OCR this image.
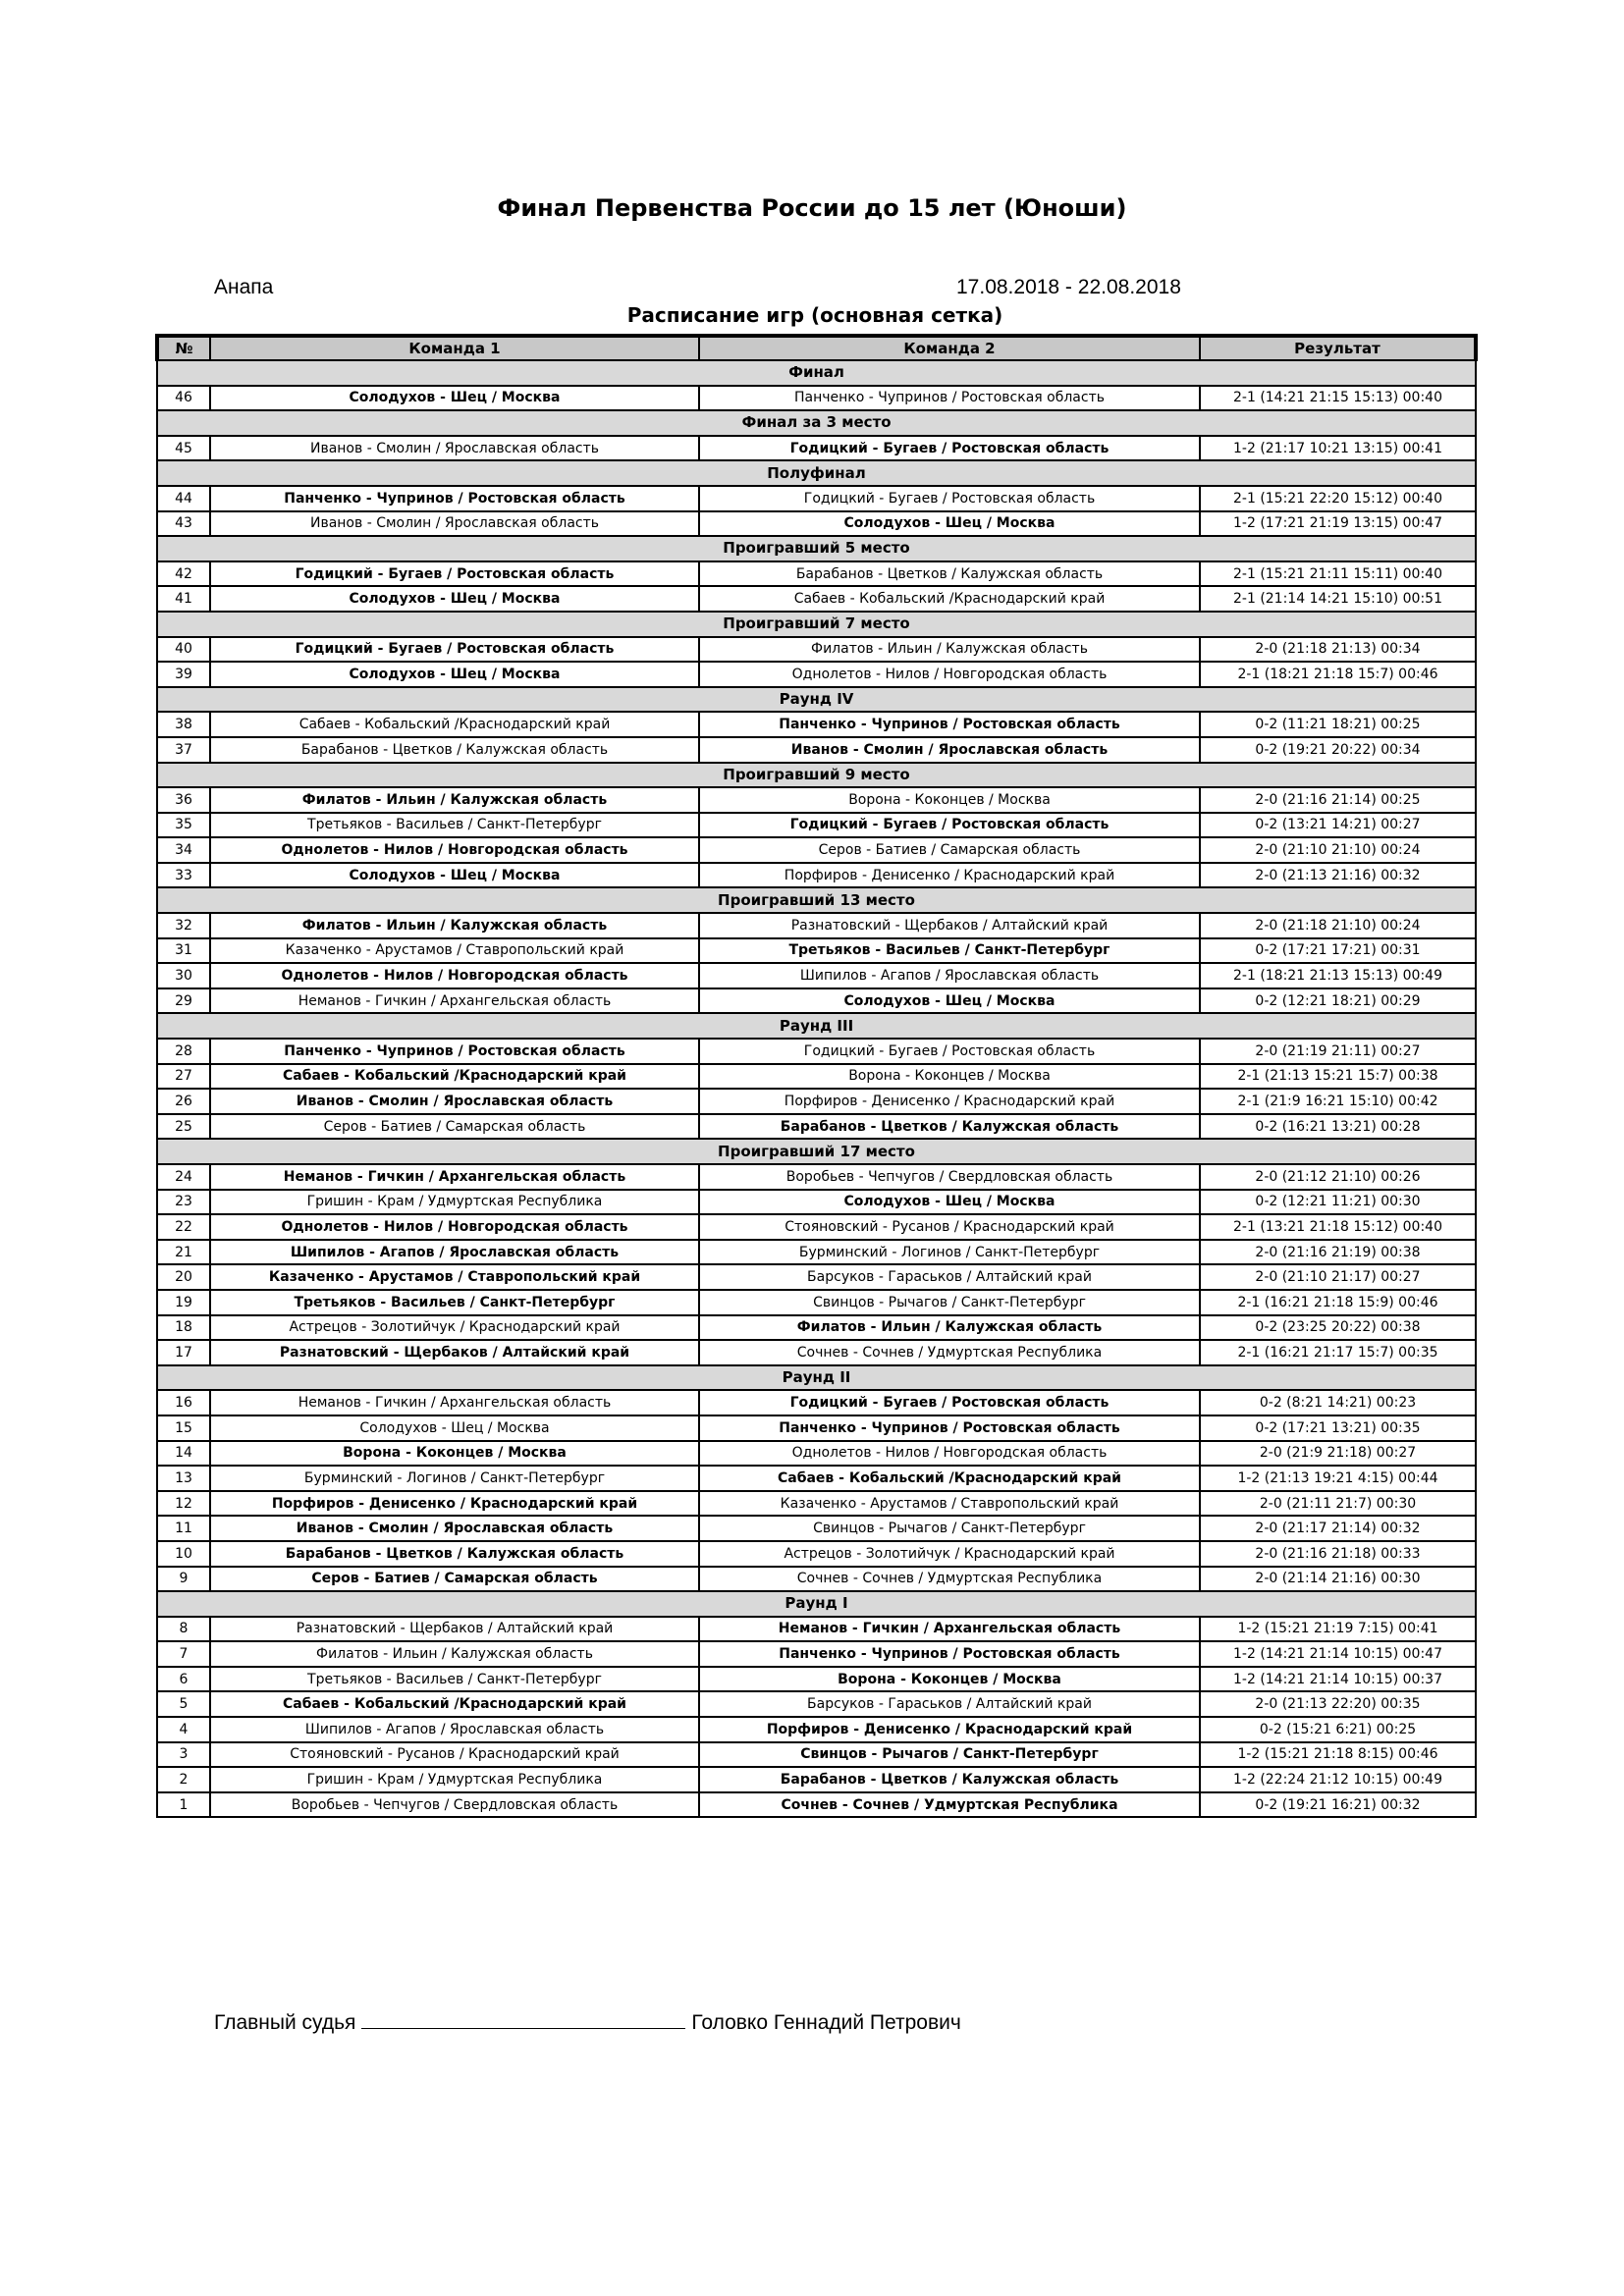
Финал Первенства России до 15 лет (Юноши)
Анапа	17.08.2018 - 22.08.2018
Расписание игр (основная сетка)
№	Команда 1	Команда 2	Результат
Финал			
46	Солодухов - Шец / Москва	Панченко - Чупринов / Ростовская область	2-1 (14:21 21:15 15:13) 00:40
Финал за 3 место			
45	Иванов - Смолин / Ярославская область	Годицкий - Бугаев / Ростовская область	1-2 (21:17 10:21 13:15) 00:41
Полуфинал			
44	Панченко - Чупринов / Ростовская область	Годицкий - Бугаев / Ростовская область	2-1 (15:21 22:20 15:12) 00:40
43	Иванов - Смолин / Ярославская область	Солодухов - Шец / Москва	1-2 (17:21 21:19 13:15) 00:47
Проигравший 5 место			
42	Годицкий - Бугаев / Ростовская область	Барабанов - Цветков / Калужская область	2-1 (15:21 21:11 15:11) 00:40
41	Солодухов - Шец / Москва	Сабаев - Кобальский /Краснодарский край	2-1 (21:14 14:21 15:10) 00:51
Проигравший 7 место			
40	Годицкий - Бугаев / Ростовская область	Филатов - Ильин / Калужская область	2-0 (21:18 21:13) 00:34
39	Солодухов - Шец / Москва	Однолетов - Нилов / Новгородская область	2-1 (18:21 21:18 15:7) 00:46
Раунд IV			
38	Сабаев - Кобальский /Краснодарский край	Панченко - Чупринов / Ростовская область	0-2 (11:21 18:21) 00:25
37	Барабанов - Цветков / Калужская область	Иванов - Смолин / Ярославская область	0-2 (19:21 20:22) 00:34
Проигравший 9 место			
36	Филатов - Ильин / Калужская область	Ворона - Коконцев / Москва	2-0 (21:16 21:14) 00:25
35	Третьяков - Васильев / Санкт-Петербург	Годицкий - Бугаев / Ростовская область	0-2 (13:21 14:21) 00:27
34	Однолетов - Нилов / Новгородская область	Серов - Батиев / Самарская область	2-0 (21:10 21:10) 00:24
33	Солодухов - Шец / Москва	Порфиров - Денисенко / Краснодарский край	2-0 (21:13 21:16) 00:32
Проигравший 13 место			
32	Филатов - Ильин / Калужская область	Разнатовский - Щербаков / Алтайский край	2-0 (21:18 21:10) 00:24
31	Казаченко - Арустамов / Ставропольский край	Третьяков - Васильев / Санкт-Петербург	0-2 (17:21 17:21) 00:31
30	Однолетов - Нилов / Новгородская область	Шипилов - Агапов / Ярославская область	2-1 (18:21 21:13 15:13) 00:49
29	Неманов - Гичкин / Архангельская область	Солодухов - Шец / Москва	0-2 (12:21 18:21) 00:29
Раунд III			
28	Панченко - Чупринов / Ростовская область	Годицкий - Бугаев / Ростовская область	2-0 (21:19 21:11) 00:27
27	Сабаев - Кобальский /Краснодарский край	Ворона - Коконцев / Москва	2-1 (21:13 15:21 15:7) 00:38
26	Иванов - Смолин / Ярославская область	Порфиров - Денисенко / Краснодарский край	2-1 (21:9 16:21 15:10) 00:42
25	Серов - Батиев / Самарская область	Барабанов - Цветков / Калужская область	0-2 (16:21 13:21) 00:28
Проигравший 17 место			
24	Неманов - Гичкин / Архангельская область	Воробьев - Чепчугов / Свердловская область	2-0 (21:12 21:10) 00:26
23	Гришин - Крам / Удмуртская Республика	Солодухов - Шец / Москва	0-2 (12:21 11:21) 00:30
22	Однолетов - Нилов / Новгородская область	Стояновский - Русанов / Краснодарский край	2-1 (13:21 21:18 15:12) 00:40
21	Шипилов - Агапов / Ярославская область	Бурминский - Логинов / Санкт-Петербург	2-0 (21:16 21:19) 00:38
20	Казаченко - Арустамов / Ставропольский край	Барсуков - Гараськов / Алтайский край	2-0 (21:10 21:17) 00:27
19	Третьяков - Васильев / Санкт-Петербург	Свинцов - Рычагов / Санкт-Петербург	2-1 (16:21 21:18 15:9) 00:46
18	Астрецов - Золотийчук / Краснодарский край	Филатов - Ильин / Калужская область	0-2 (23:25 20:22) 00:38
17	Разнатовский - Щербаков / Алтайский край	Сочнев - Сочнев / Удмуртская Республика	2-1 (16:21 21:17 15:7) 00:35
Раунд II			
16	Неманов - Гичкин / Архангельская область	Годицкий - Бугаев / Ростовская область	0-2 (8:21 14:21) 00:23
15	Солодухов - Шец / Москва	Панченко - Чупринов / Ростовская область	0-2 (17:21 13:21) 00:35
14	Ворона - Коконцев / Москва	Однолетов - Нилов / Новгородская область	2-0 (21:9 21:18) 00:27
13	Бурминский - Логинов / Санкт-Петербург	Сабаев - Кобальский /Краснодарский край	1-2 (21:13 19:21 4:15) 00:44
12	Порфиров - Денисенко / Краснодарский край	Казаченко - Арустамов / Ставропольский край	2-0 (21:11 21:7) 00:30
11	Иванов - Смолин / Ярославская область	Свинцов - Рычагов / Санкт-Петербург	2-0 (21:17 21:14) 00:32
10	Барабанов - Цветков / Калужская область	Астрецов - Золотийчук / Краснодарский край	2-0 (21:16 21:18) 00:33
9	Серов - Батиев / Самарская область	Сочнев - Сочнев / Удмуртская Республика	2-0 (21:14 21:16) 00:30
Раунд I			
8	Разнатовский - Щербаков / Алтайский край	Неманов - Гичкин / Архангельская область	1-2 (15:21 21:19 7:15) 00:41
7	Филатов - Ильин / Калужская область	Панченко - Чупринов / Ростовская область	1-2 (14:21 21:14 10:15) 00:47
6	Третьяков - Васильев / Санкт-Петербург	Ворона - Коконцев / Москва	1-2 (14:21 21:14 10:15) 00:37
5	Сабаев - Кобальский /Краснодарский край	Барсуков - Гараськов / Алтайский край	2-0 (21:13 22:20) 00:35
4	Шипилов - Агапов / Ярославская область	Порфиров - Денисенко / Краснодарский край	0-2 (15:21 6:21) 00:25
3	Стояновский - Русанов / Краснодарский край	Свинцов - Рычагов / Санкт-Петербург	1-2 (15:21 21:18 8:15) 00:46
2	Гришин - Крам / Удмуртская Республика	Барабанов - Цветков / Калужская область	1-2 (22:24 21:12 10:15) 00:49
1	Воробьев - Чепчугов / Свердловская область	Сочнев - Сочнев / Удмуртская Республика	0-2 (19:21 16:21) 00:32
Главный судья	Головко Геннадий Петрович
